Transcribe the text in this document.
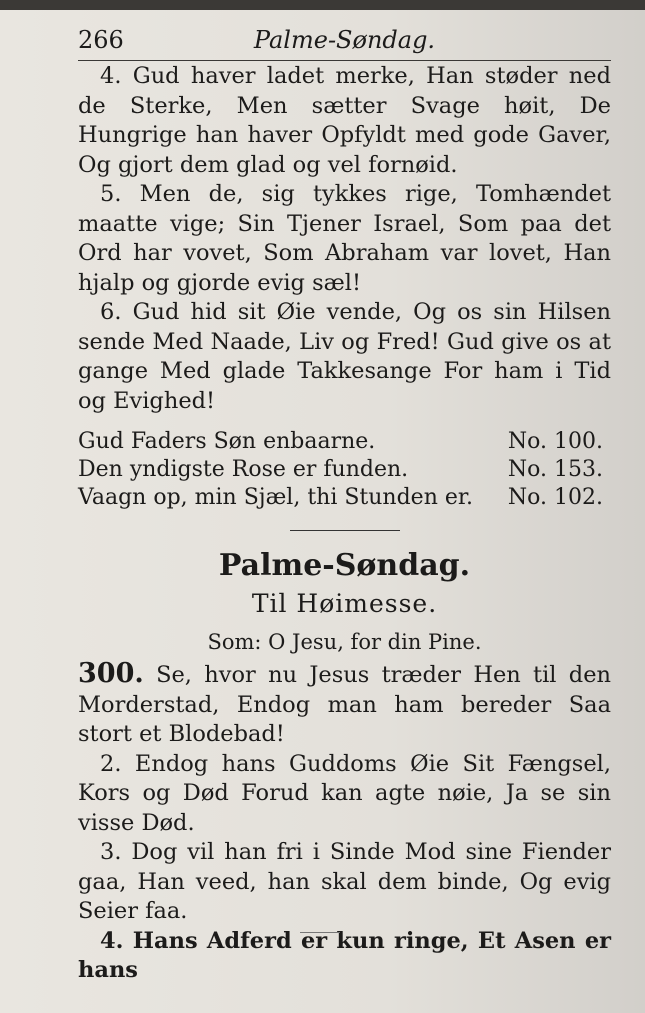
266	Palme-Søndag.

4. Gud haver ladet merke, Han støder ned de Sterke, Men sætter Svage høit, De Hungrige han haver Opfyldt med gode Gaver, Og gjort dem glad og vel fornøid.

5. Men de, sig tykkes rige, Tomhændet maatte vige; Sin Tjener Israel, Som paa det Ord har vovet, Som Abraham var lovet, Han hjalp og gjorde evig sæl!

6. Gud hid sit Øie vende, Og os sin Hilsen sende Med Naade, Liv og Fred! Gud give os at gange Med glade Takkesange For ham i Tid og Evighed!

Gud Faders Søn enbaarne.	No. 100.
Den yndigste Rose er funden.	No. 153.
Vaagn op, min Sjæl, thi Stunden er.	No. 102.
Palme-Søndag.
Til Høimesse.
Som: O Jesu, for din Pine.

300. Se, hvor nu Jesus træder Hen til den Morderstad, Endog man ham bereder Saa stort et Blodebad!

2. Endog hans Guddoms Øie Sit Fængsel, Kors og Død Forud kan agte nøie, Ja se sin visse Død.

3. Dog vil han fri i Sinde Mod sine Fiender gaa, Han veed, han skal dem binde, Og evig Seier faa.

4. Hans Adferd er kun ringe, Et Asen er hans
